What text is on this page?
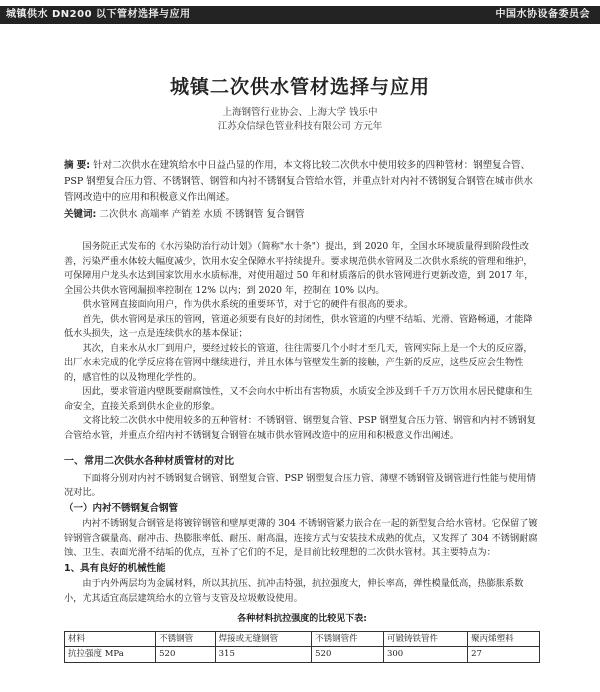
城镇供水 DN200 以下管材选择与应用	中国水协设备委员会
城镇二次供水管材选择与应用
上海钢管行业协会、上海大学 钱乐中
江苏众信绿色管业科技有限公司 方元年
摘 要: 针对二次供水在建筑给水中日益凸显的作用，本文将比较二次供水中使用较多的四种管材：钢塑复合管、PSP 钢塑复合压力管、不锈钢管、钢管和内衬不锈钢复合管给水管，并重点针对内衬不锈钢复合钢管在城市供水管网改造中的应用和积极意义作出阐述。
关键词: 二次供水 高端率 产销差 水质 不锈钢管 复合钢管

国务院正式发布的《水污染防治行动计划》（简称"水十条"）提出，到 2020 年，全国水环境质量得到阶段性改善，污染严重水体较大幅度减少，饮用水安全保障水平持续提升。要求规范供水管网及二次供水系统的管理和维护，可保障用户龙头水达到国家饮用水水质标准，对使用超过 50 年和材质落后的供水管网进行更新改造，到 2017 年，全国公共供水管网漏损率控制在 12% 以内；到 2020 年，控制在 10% 以内。

供水管网直接面向用户，作为供水系统的重要环节，对于它的硬件有很高的要求。

首先，供水管网是承压的管网，管道必须要有良好的封闭性，供水管道的内壁不结垢、光滑、管路畅通，才能降低水头损失，这一点是连续供水的基本保证；

其次，自来水从水厂到用户，要经过较长的管道，往往需要几个小时才至几天，管网实际上是一个大的反应器，出厂水未完成的化学反应将在管网中继续进行，并且水体与管壁发生新的接触，产生新的反应，这些反应会生物性的，感官性的以及物理化学性的。

因此，要求管道内壁既要耐腐蚀性，又不会向水中析出有害物质，水质安全涉及到千千万万饮用水居民健康和生命安全，直接关系到供水企业的形象。

文将比较二次供水中使用较多的五种管材：不锈钢管、钢塑复合管、PSP 钢塑复合压力管、钢管和内衬不锈钢复合管给水管，并重点介绍内衬不锈钢复合钢管在城市供水管网改造中的应用和积极意义作出阐述。

一、常用二次供水各种材质管材的对比

下面将分别对内衬不锈钢复合钢管、钢塑复合管、PSP 钢塑复合压力管、薄壁不锈钢管及钢管进行性能与使用情况对比。

（一）内衬不锈钢复合钢管

内衬不锈钢复合钢管是将镀锌钢管和壁厚更薄的 304 不锈钢管紧力嵌合在一起的新型复合给水管材。它保留了镀锌钢管含碳量高、耐冲击、热膨胀率低、耐压、耐高温，连接方式与安装技术成熟的优点，又发挥了 304 不锈钢耐腐蚀、卫生、表面光滑不结垢的优点，互补了它们的不足，是目前比较理想的二次供水管材。其主要特点为：

1、具有良好的机械性能

由于内外两层均为金属材料，所以其抗压、抗冲击特强，抗拉强度大，伸长率高，弹性模量低高，热膨胀系数小，尤其适宜高层建筑给水的立管与支管及垃圾敷设使用。

各种材料抗拉强度的比较见下表:
材料	不锈钢管	焊接或无缝钢管	不锈钢管件	可锻铸铁管件	聚丙烯塑料
抗拉强度 MPa	520	315	520	300	27
